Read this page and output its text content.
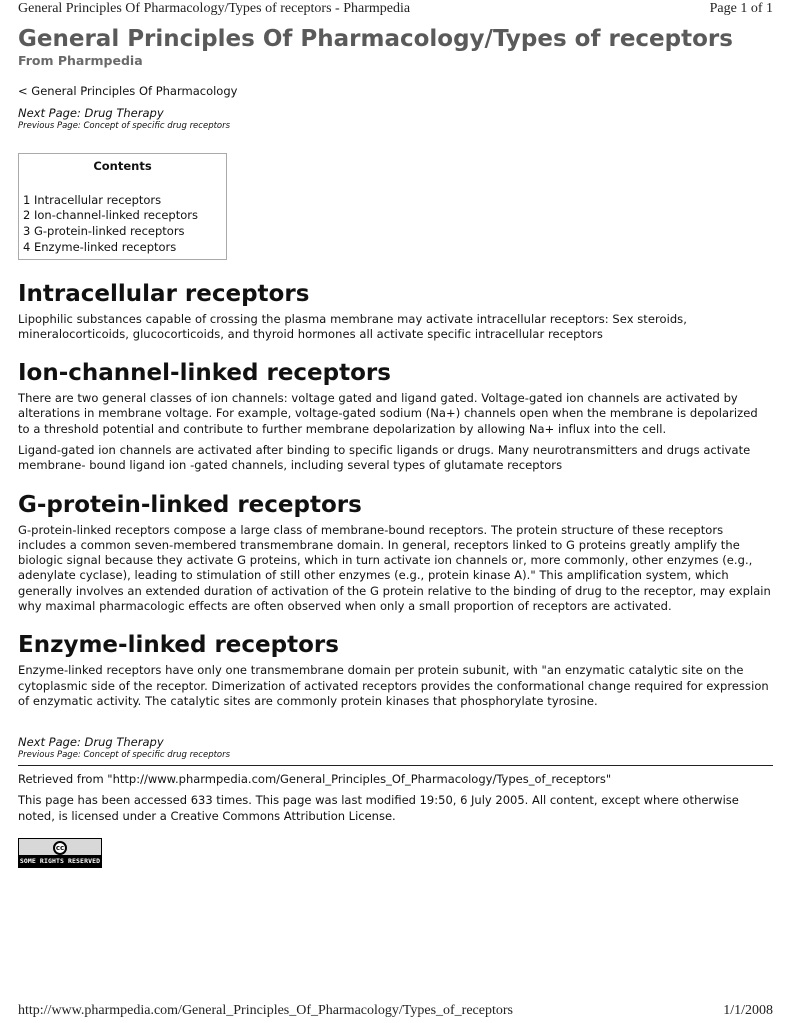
General Principles Of Pharmacology/Types of receptors - Pharmpedia	Page 1 of 1
General Principles Of Pharmacology/Types of receptors
From Pharmpedia
< General Principles Of Pharmacology
Next Page: Drug Therapy
Previous Page: Concept of specific drug receptors
Contents
1 Intracellular receptors
2 Ion-channel-linked receptors
3 G-protein-linked receptors
4 Enzyme-linked receptors
Intracellular receptors

Lipophilic substances capable of crossing the plasma membrane may activate intracellular receptors: Sex steroids, mineralocorticoids, glucocorticoids, and thyroid hormones all activate specific intracellular receptors

Ion-channel-linked receptors

There are two general classes of ion channels: voltage gated and ligand gated. Voltage-gated ion channels are activated by alterations in membrane voltage. For example, voltage-gated sodium (Na+) channels open when the membrane is depolarized to a threshold potential and contribute to further membrane depolarization by allowing Na+ influx into the cell.

Ligand-gated ion channels are activated after binding to specific ligands or drugs. Many neurotransmitters and drugs activate membrane- bound ligand ion -gated channels, including several types of glutamate receptors

G-protein-linked receptors

G-protein-linked receptors compose a large class of membrane-bound receptors. The protein structure of these receptors includes a common seven-membered transmembrane domain. In general, receptors linked to G proteins greatly amplify the biologic signal because they activate G proteins, which in turn activate ion channels or, more commonly, other enzymes (e.g., adenylate cyclase), leading to stimulation of still other enzymes (e.g., protein kinase A)." This amplification system, which generally involves an extended duration of activation of the G protein relative to the binding of drug to the receptor, may explain why maximal pharmacologic effects are often observed when only a small proportion of receptors are activated.

Enzyme-linked receptors

Enzyme-linked receptors have only one transmembrane domain per protein subunit, with "an enzymatic catalytic site on the cytoplasmic side of the receptor. Dimerization of activated receptors provides the conformational change required for expression of enzymatic activity. The catalytic sites are commonly protein kinases that phosphorylate tyrosine.

Next Page: Drug Therapy
Previous Page: Concept of specific drug receptors
Retrieved from "http://www.pharmpedia.com/General_Principles_Of_Pharmacology/Types_of_receptors"
This page has been accessed 633 times. This page was last modified 19:50, 6 July 2005. All content, except where otherwise noted, is licensed under a Creative Commons Attribution License.
cc
SOME RIGHTS RESERVED
http://www.pharmpedia.com/General_Principles_Of_Pharmacology/Types_of_receptors	1/1/2008
